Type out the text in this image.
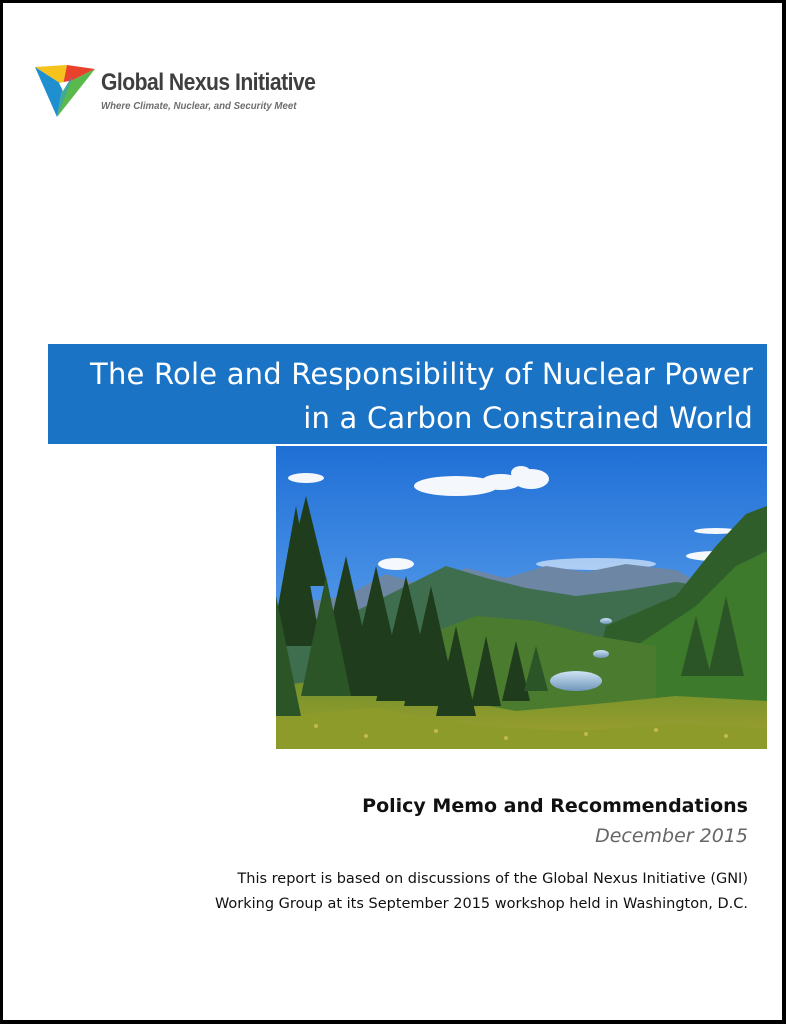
Global Nexus Initiative
Where Climate, Nuclear, and Security Meet
The Role and Responsibility of Nuclear Power
in a Carbon Constrained World
Policy Memo and Recommendations
December 2015
This report is based on discussions of the Global Nexus Initiative (GNI)
Working Group at its September 2015 workshop held in Washington, D.C.
